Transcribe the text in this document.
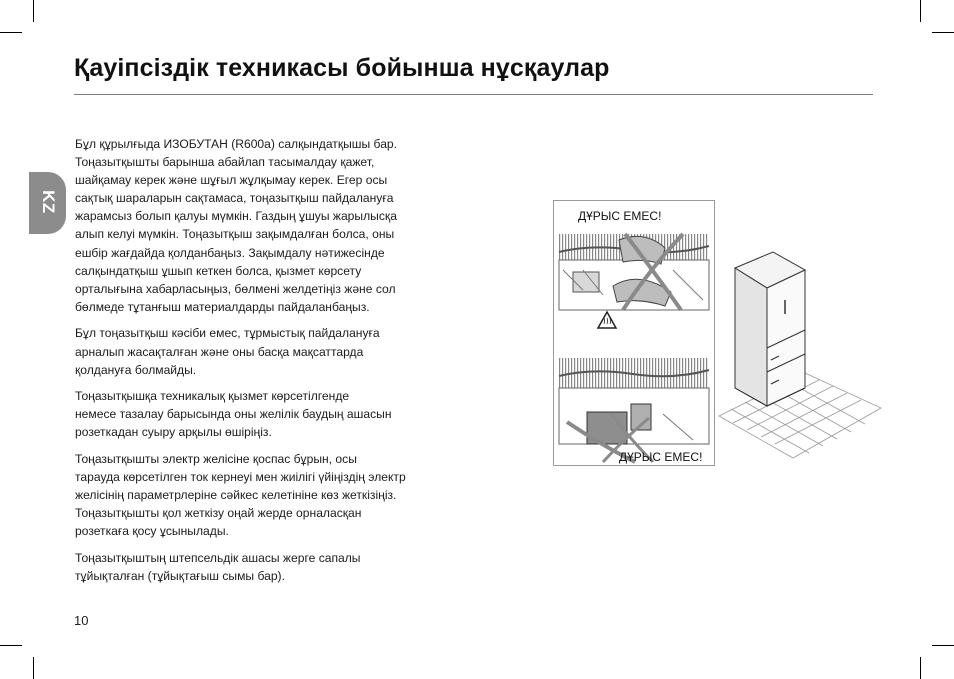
Қауіпсіздік техникасы бойынша нұсқаулар
KZ

Бұл құрылғыда ИЗОБУТАН (R600a) салқындатқышы бар.
Тоңазытқышты барынша абайлап тасымалдау қажет,
шайқамау керек және шұғыл жұлқымау керек. Егер осы
сақтық шараларын сақтамаса, тоңазытқыш пайдалануға
жарамсыз болып қалуы мүмкін. Газдың ұшуы жарылысқа
алып келуі мүмкін. Тоңазытқыш зақымдалған болса, оны
ешбір жағдайда қолданбаңыз. Зақымдалу нәтижесінде
салқындатқыш ұшып кеткен болса, қызмет көрсету
орталығына хабарласыңыз, бөлмені желдетіңіз және сол
бөлмеде тұтанғыш материалдарды пайдаланбаңыз.

Бұл тоңазытқыш кәсіби емес, тұрмыстық пайдалануға
арналып жасақталған және оны басқа мақсаттарда
қолдануға болмайды.

Тоңазытқышқа техникалық қызмет көрсетілгенде
немесе тазалау барысында оны желілік баудың ашасын
розеткадан суыру арқылы өшіріңіз.

Тоңазытқышты электр желісіне қоспас бұрын, осы
тарауда көрсетілген ток кернеуі мен жиілігі үйіңіздің электр
желісінің параметрлеріне сәйкес келетініне көз жеткізіңіз.
Тоңазытқышты қол жеткізу оңай жерде орналасқан
розеткаға қосу ұсынылады.

Тоңазытқыштың штепсельдік ашасы жерге сапалы
тұйықталған (тұйықтағыш сымы бар).

ДҰРЫС ЕМЕС!
ДҰРЫС ЕМЕС!
10
